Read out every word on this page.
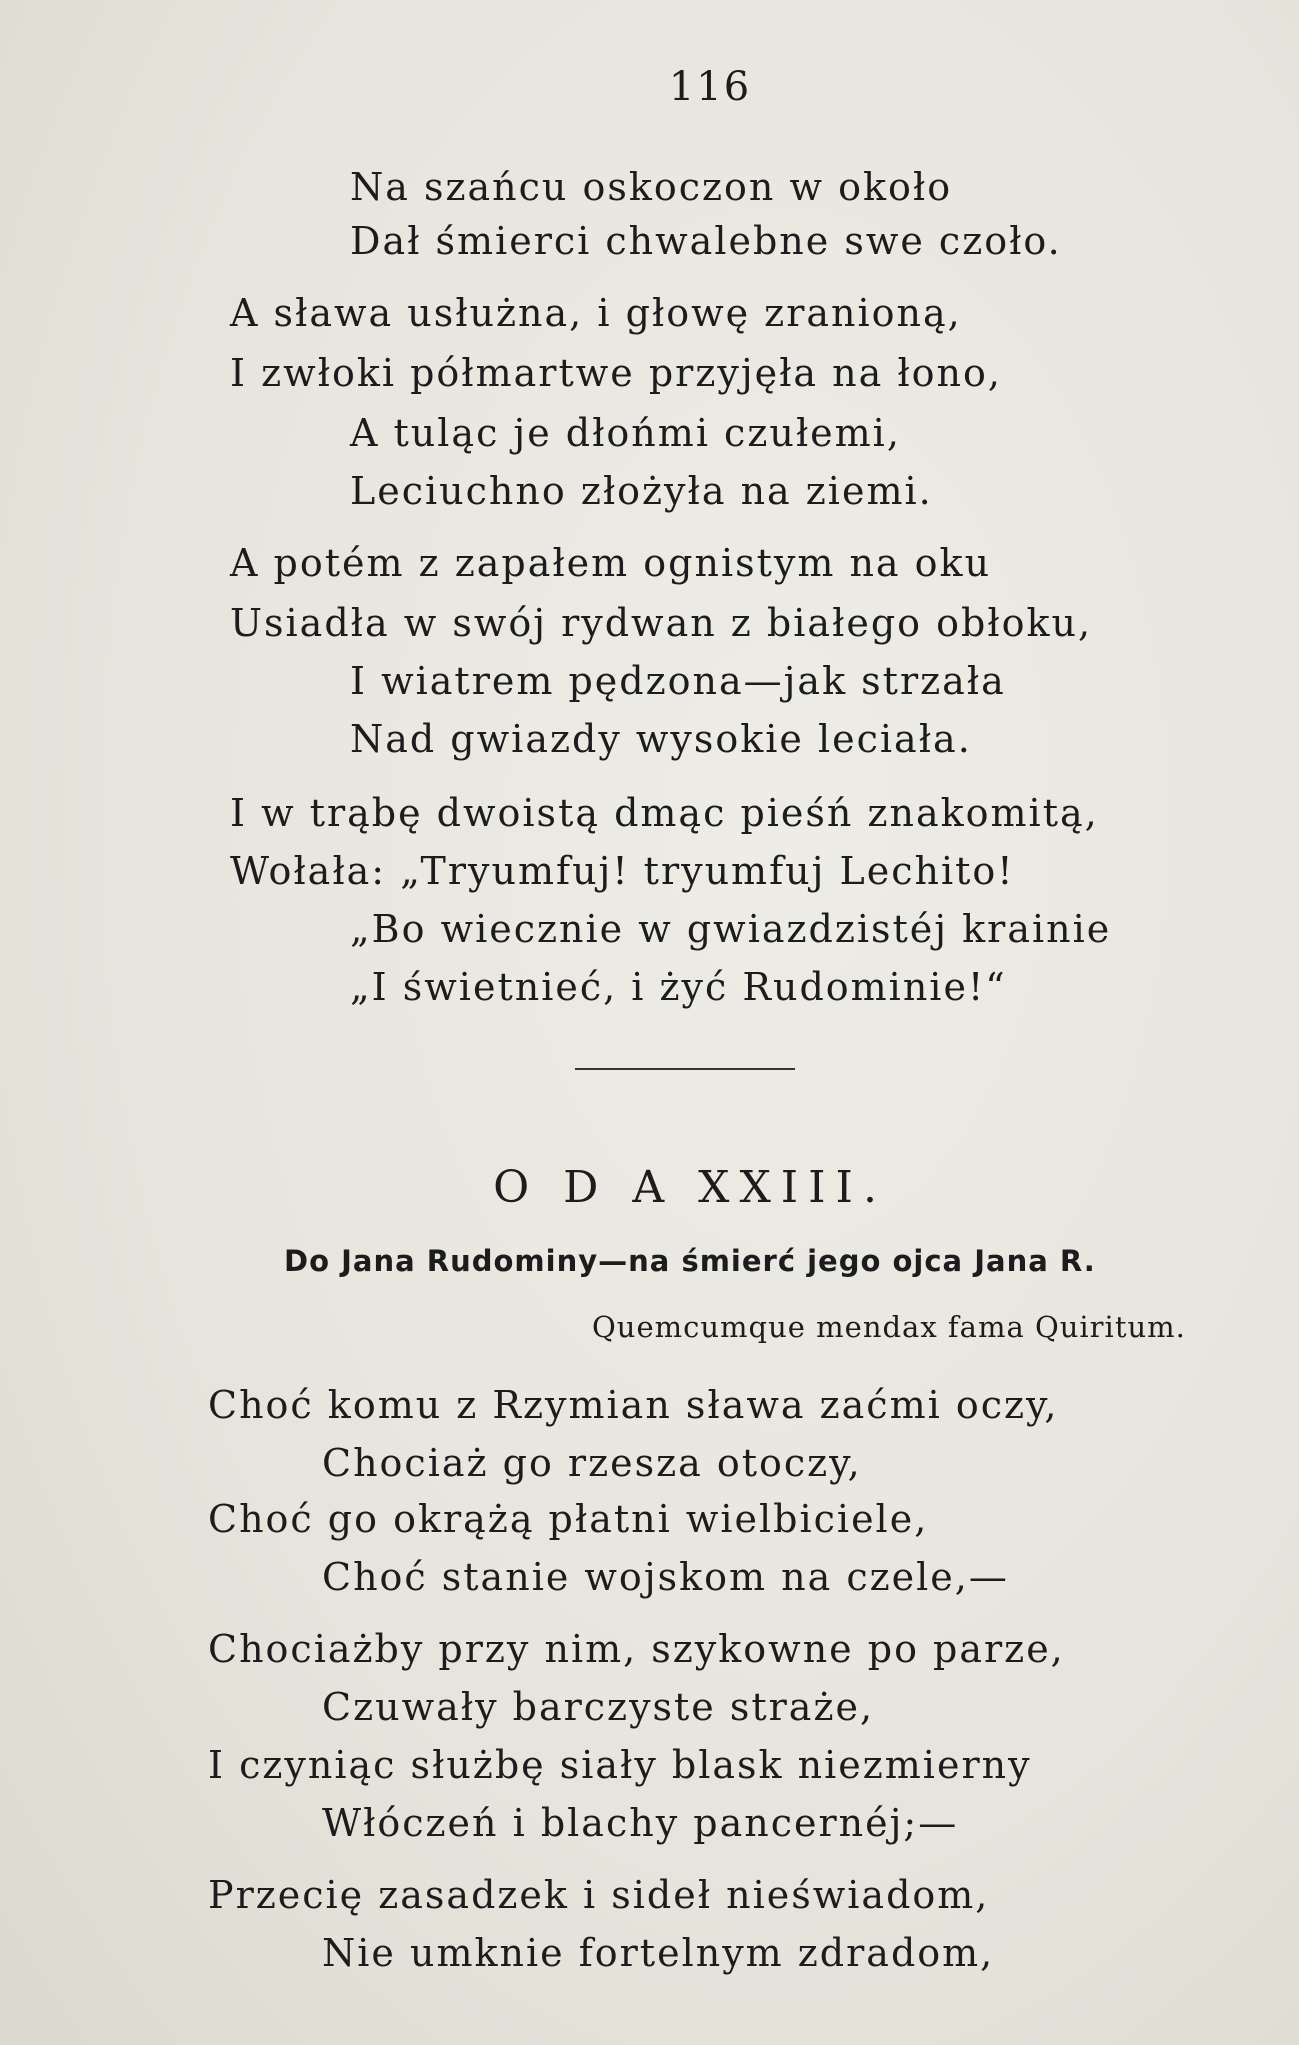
116
Na szańcu oskoczon w około
Dał śmierci chwalebne swe czoło.
A sława usłużna, i głowę zranioną,
I zwłoki półmartwe przyjęła na łono,
A tuląc je dłońmi czułemi,
Leciuchno złożyła na ziemi.
A potém z zapałem ognistym na oku
Usiadła w swój rydwan z białego obłoku,
I wiatrem pędzona—jak strzała
Nad gwiazdy wysokie leciała.
I w trąbę dwoistą dmąc pieśń znakomitą,
Wołała: „Tryumfuj! tryumfuj Lechito!
„Bo wiecznie w gwiazdzistéj krainie
„I świetnieć, i żyć Rudominie!“
O D A XXIII.
Do Jana Rudominy—na śmierć jego ojca Jana R.
Quemcumque mendax fama Quiritum.
Choć komu z Rzymian sława zaćmi oczy,
Chociaż go rzesza otoczy,
Choć go okrążą płatni wielbiciele,
Choć stanie wojskom na czele,—
Chociażby przy nim, szykowne po parze,
Czuwały barczyste straże,
I czyniąc służbę siały blask niezmierny
Włóczeń i blachy pancernéj;—
Przecię zasadzek i sideł nieświadom,
Nie umknie fortelnym zdradom,
